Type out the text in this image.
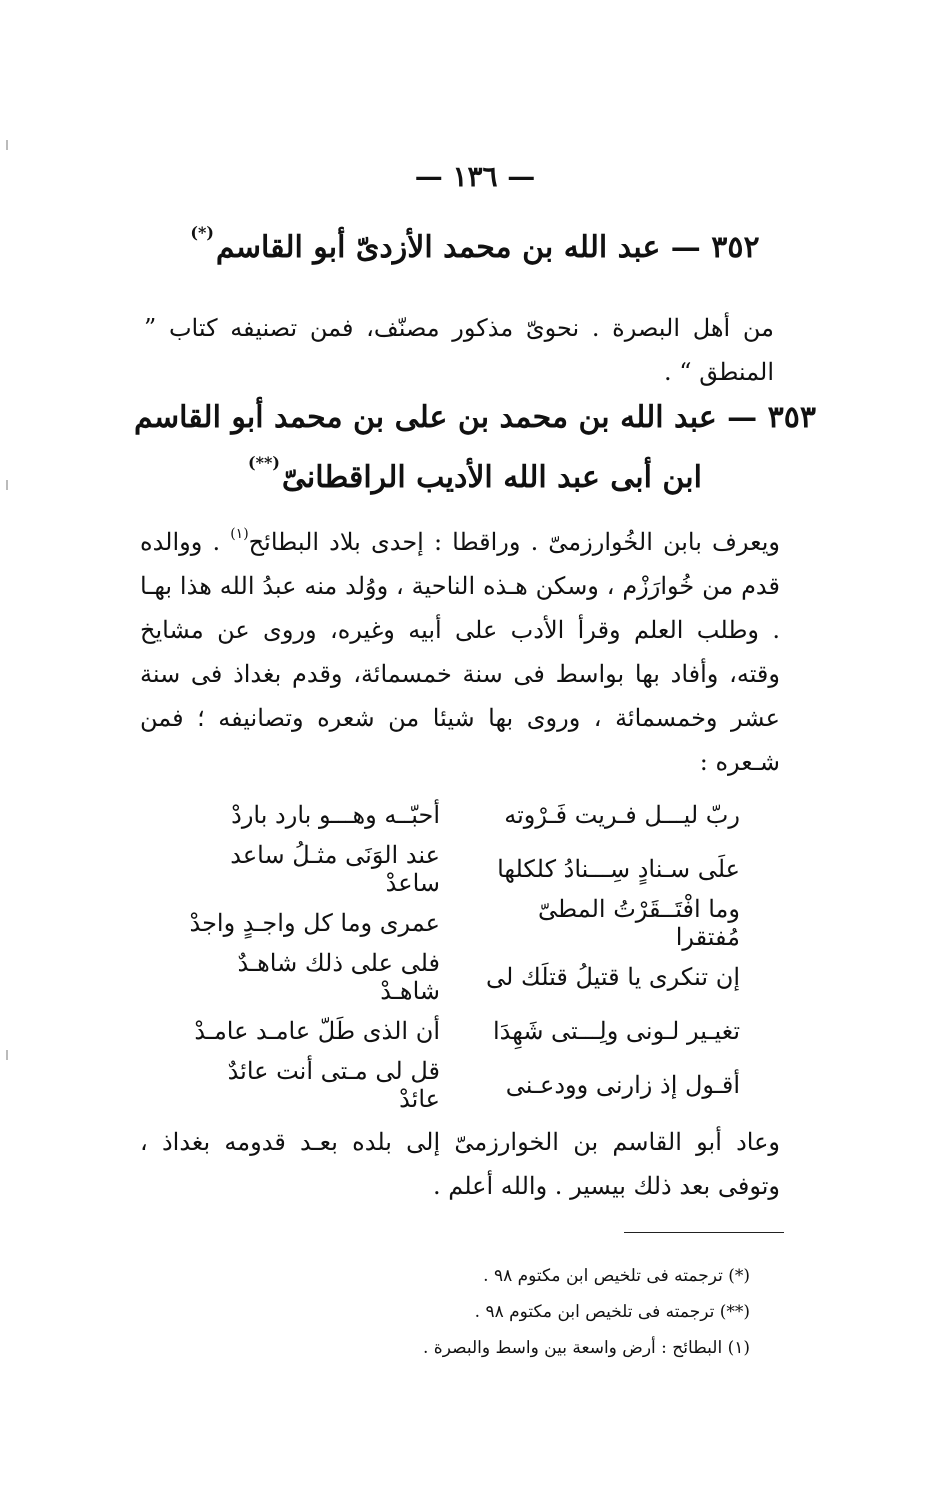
— ١٣٦ —
٣٥٢ — عبد الله بن محمد الأزدىّ أبو القاسم(*)
من أهل البصرة . نحوىّ مذكور مصنّف، فمن تصنيفه كتاب ” المنطق “ .
٣٥٣ — عبد الله بن محمد بن على بن محمد أبو القاسم
ابن أبى عبد الله الأديب الراقطانىّ(**)
ويعرف بابن الخُوارزمىّ . وراقطا : إحدى بلاد البطائح$^{(١)}$ . ووالده قدم من خُوارَزْم ، وسكن هـذه الناحية ، ووُلد منه عبدُ الله هذا بهـا . وطلب العلم وقرأ الأدب على أبيه وغيره، وروى عن مشايخ وقته، وأفاد بها بواسط فى سنة خمسمائة، وقدم بغداذ فى سنة عشر وخمسمائة ، وروى بها شيئا من شعره وتصانيفه ؛ فمن شـعره :
ربّ ليـــل فـريت فَـرْوته
أحبّــه وهـــو بارد باردْ
علَى سـنادٍ سِـــنادُ كلكلها
عند الوَنَى مثـلُ ساعد ساعدْ
وما افْتَــقَرْتُ المطىّ مُفتقرا
عمرى وما كل واجـدٍ واجدْ
إن تنكرى يا قتيلُ قتلَك لى
فلى على ذلك شاهـدٌ شاهـدْ
تغيـير لـونى ولِـــتى شَهِدَا
أن الذى طَلّ عامـد عامـدْ
أقـول إذ زارنى وودعـنى
قل لى مـتى أنت عائدٌ عائدْ
وعاد أبو القاسم بن الخوارزمىّ إلى بلده بعـد قدومه بغداذ ، وتوفى بعد ذلك بيسير . والله أعلم .
(*) ترجمته فى تلخيص ابن مكتوم ٩٨ .
(**) ترجمته فى تلخيص ابن مكتوم ٩٨ .
(١) البطائح : أرض واسعة بين واسط والبصرة .
